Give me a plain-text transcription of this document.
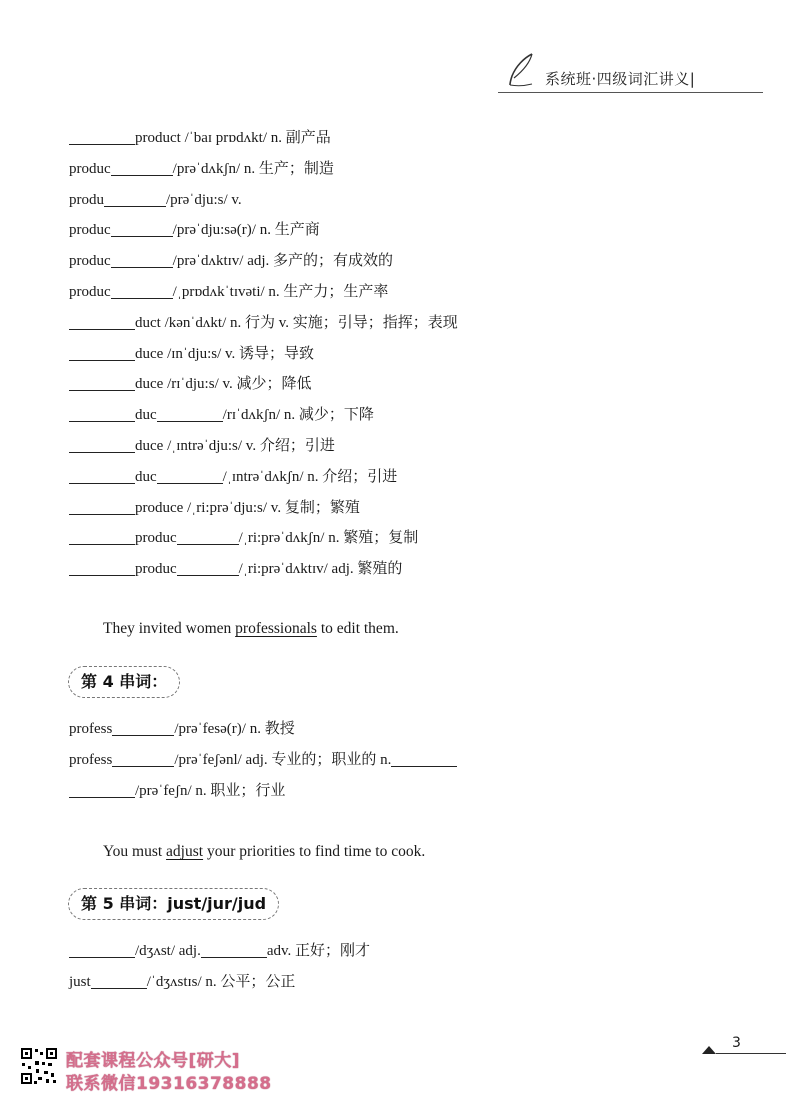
系统班·四级词汇讲义|
product /ˈbaɪ prɒdʌkt/ n. 副产品
produc	/prəˈdʌkʃn/ n. 生产；制造
produ	/prəˈdju:s/ v.
produc	/prəˈdju:sə(r)/ n. 生产商
produc	/prəˈdʌktɪv/ adj. 多产的；有成效的
produc	/ˌprɒdʌkˈtɪvəti/ n. 生产力；生产率
duct /kənˈdʌkt/ n. 行为 v. 实施；引导；指挥；表现
duce /ɪnˈdju:s/ v. 诱导；导致
duce /rɪˈdju:s/ v. 减少；降低
duc	/rɪˈdʌkʃn/ n. 减少；下降
duce /ˌɪntrəˈdju:s/ v. 介绍；引进
duc	/ˌɪntrəˈdʌkʃn/ n. 介绍；引进
produce /ˌri:prəˈdju:s/ v. 复制；繁殖
produc	/ˌri:prəˈdʌkʃn/ n. 繁殖；复制
produc	/ˌri:prəˈdʌktɪv/ adj. 繁殖的
They invited women professionals to edit them.
第 4 串词：
profess	/prəˈfesə(r)/ n. 教授
profess	/prəˈfeʃənl/ adj. 专业的；职业的 n.
/prəˈfeʃn/ n. 职业；行业
You must adjust your priorities to find time to cook.
第 5 串词：just/jur/jud
/dʒʌst/ adj.	adv. 正好；刚才
just	/ˈdʒʌstɪs/ n. 公平；公正
3
配套课程公众号[研大]
联系微信19316378888
